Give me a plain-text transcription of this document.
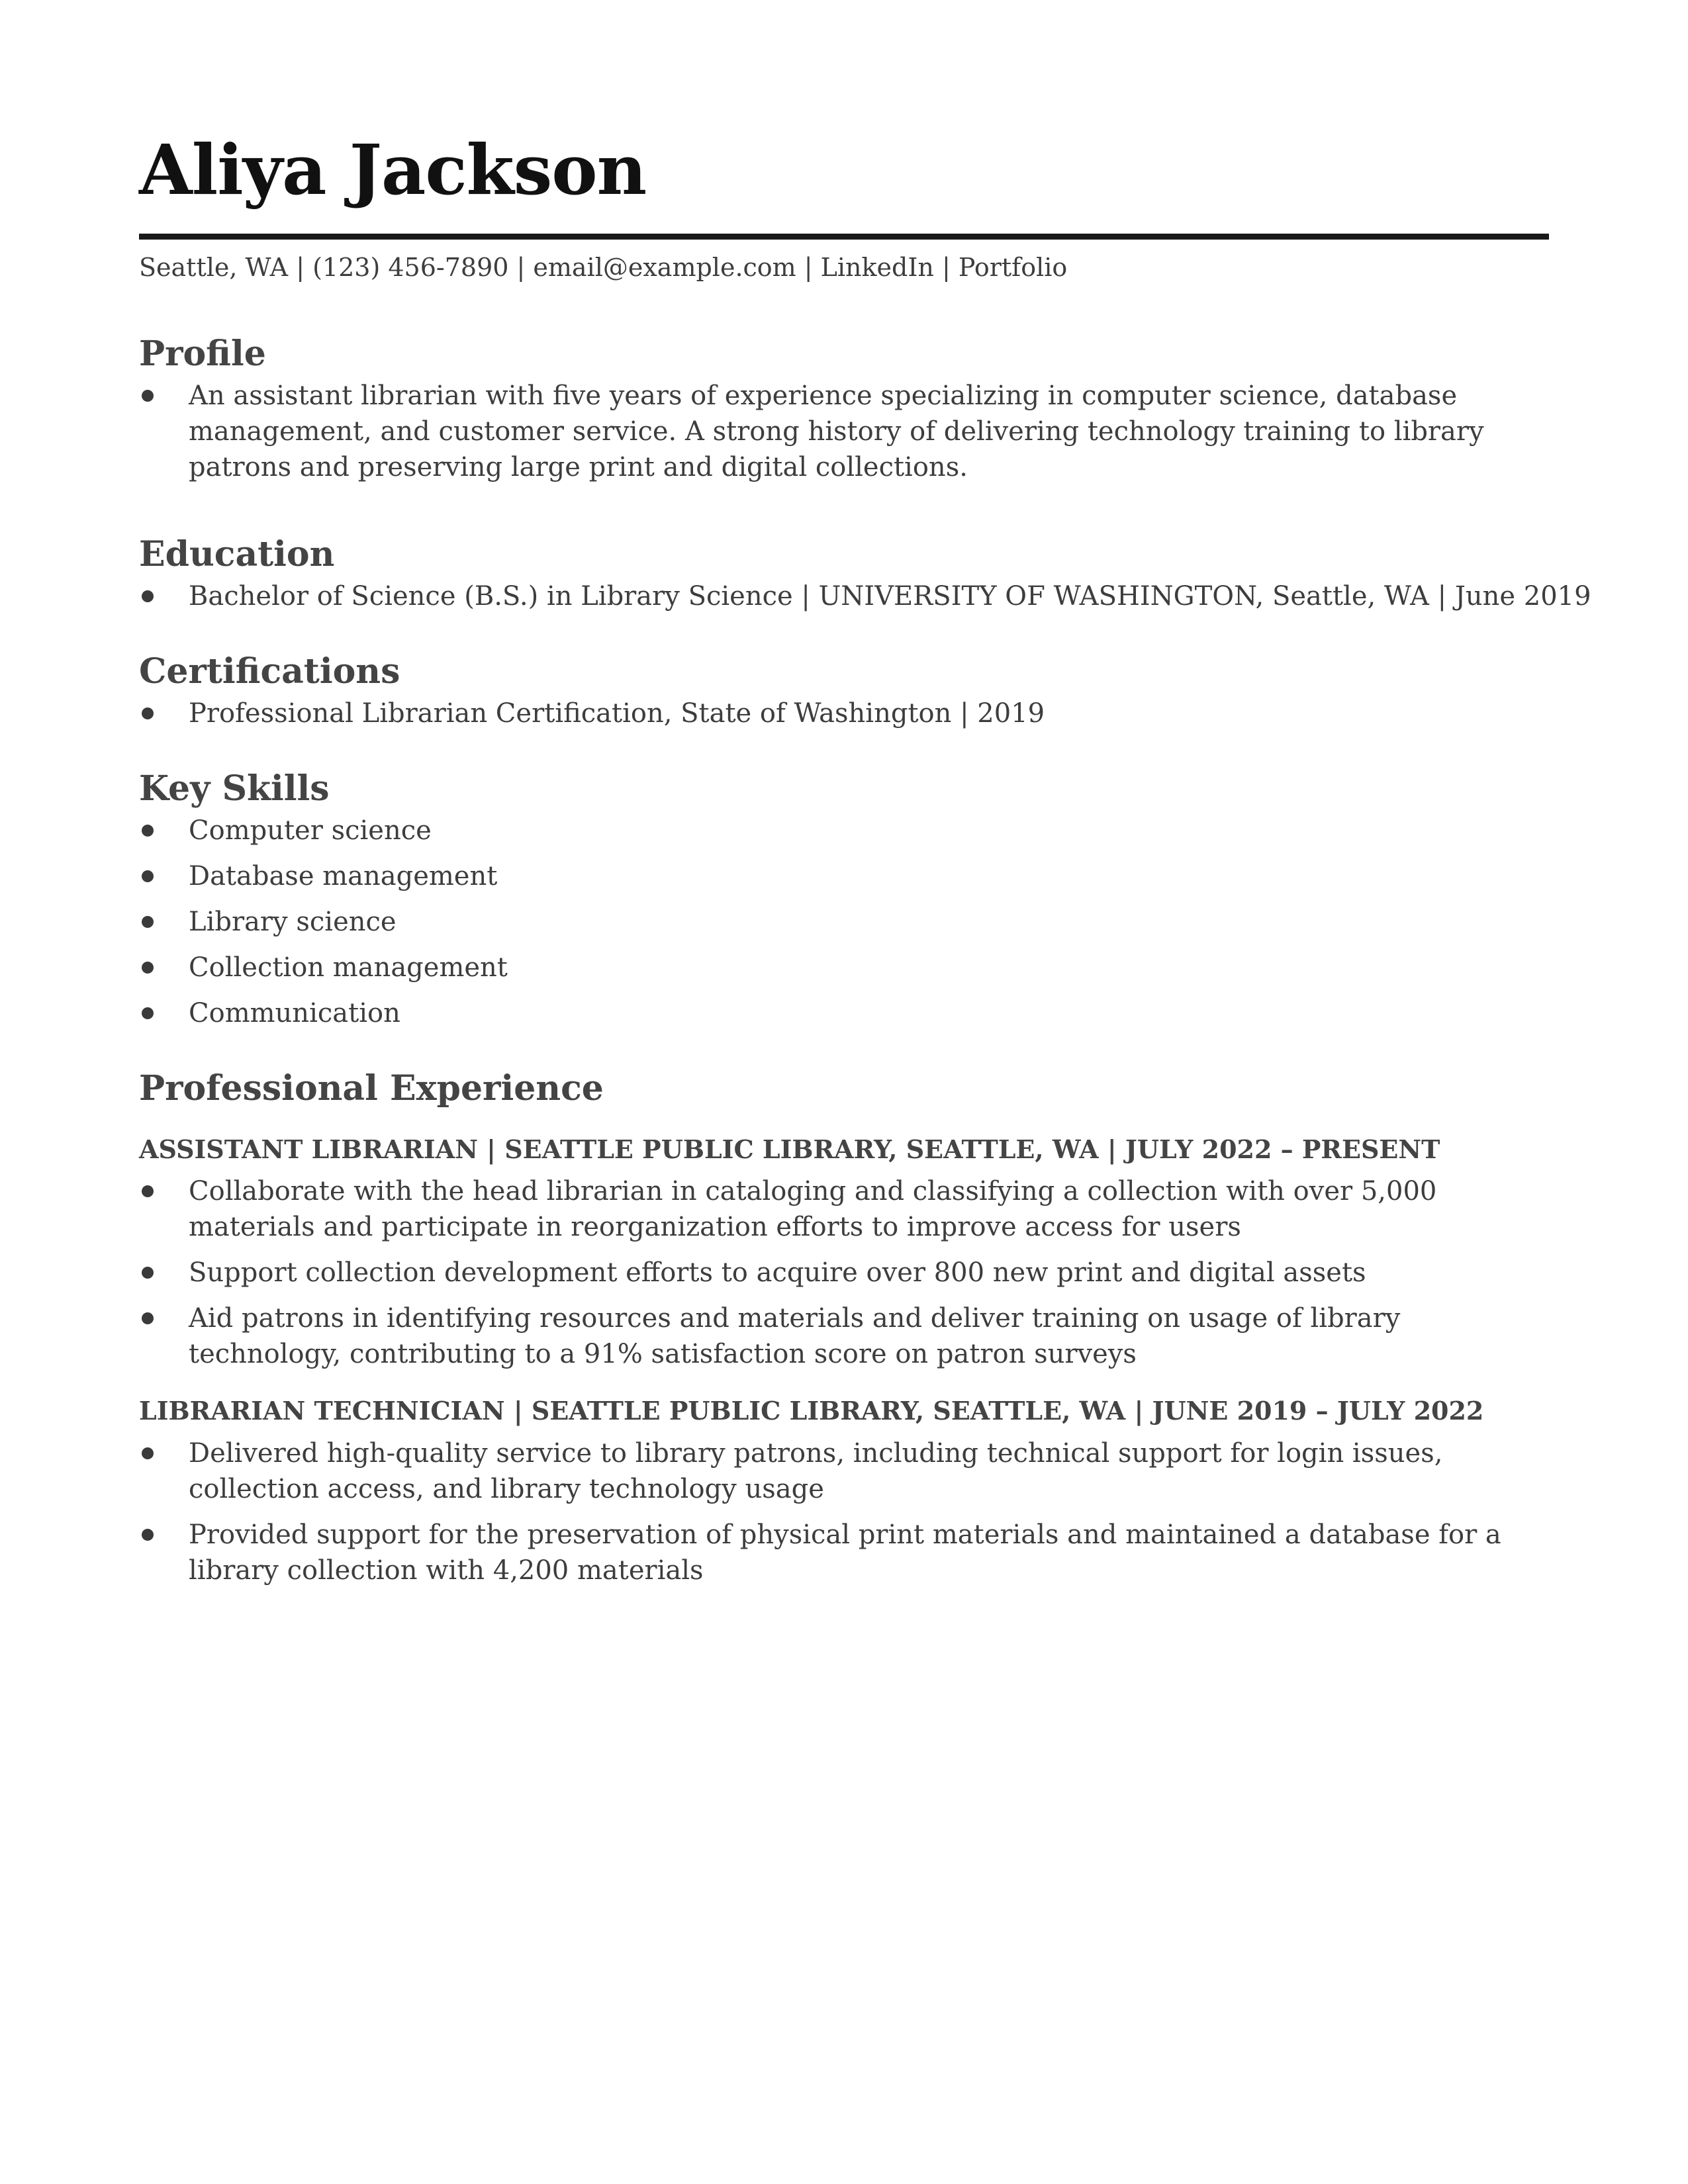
Aliya Jackson
Seattle, WA | (123) 456-7890 | email@example.com | LinkedIn | Portfolio
Profile
An assistant librarian with five years of experience specializing in computer science, database management, and customer service. A strong history of delivering technology training to library patrons and preserving large print and digital collections.
Education
Bachelor of Science (B.S.) in Library Science | UNIVERSITY OF WASHINGTON, Seattle, WA | June 2019
Certifications
Professional Librarian Certification, State of Washington | 2019
Key Skills
Computer science
Database management
Library science
Collection management
Communication
Professional Experience
ASSISTANT LIBRARIAN | SEATTLE PUBLIC LIBRARY, SEATTLE, WA | JULY 2022 – PRESENT
Collaborate with the head librarian in cataloging and classifying a collection with over 5,000 materials and participate in reorganization efforts to improve access for users
Support collection development efforts to acquire over 800 new print and digital assets
Aid patrons in identifying resources and materials and deliver training on usage of library technology, contributing to a 91% satisfaction score on patron surveys
LIBRARIAN TECHNICIAN | SEATTLE PUBLIC LIBRARY, SEATTLE, WA | JUNE 2019 – JULY 2022
Delivered high-quality service to library patrons, including technical support for login issues, collection access, and library technology usage
Provided support for the preservation of physical print materials and maintained a database for a library collection with 4,200 materials
